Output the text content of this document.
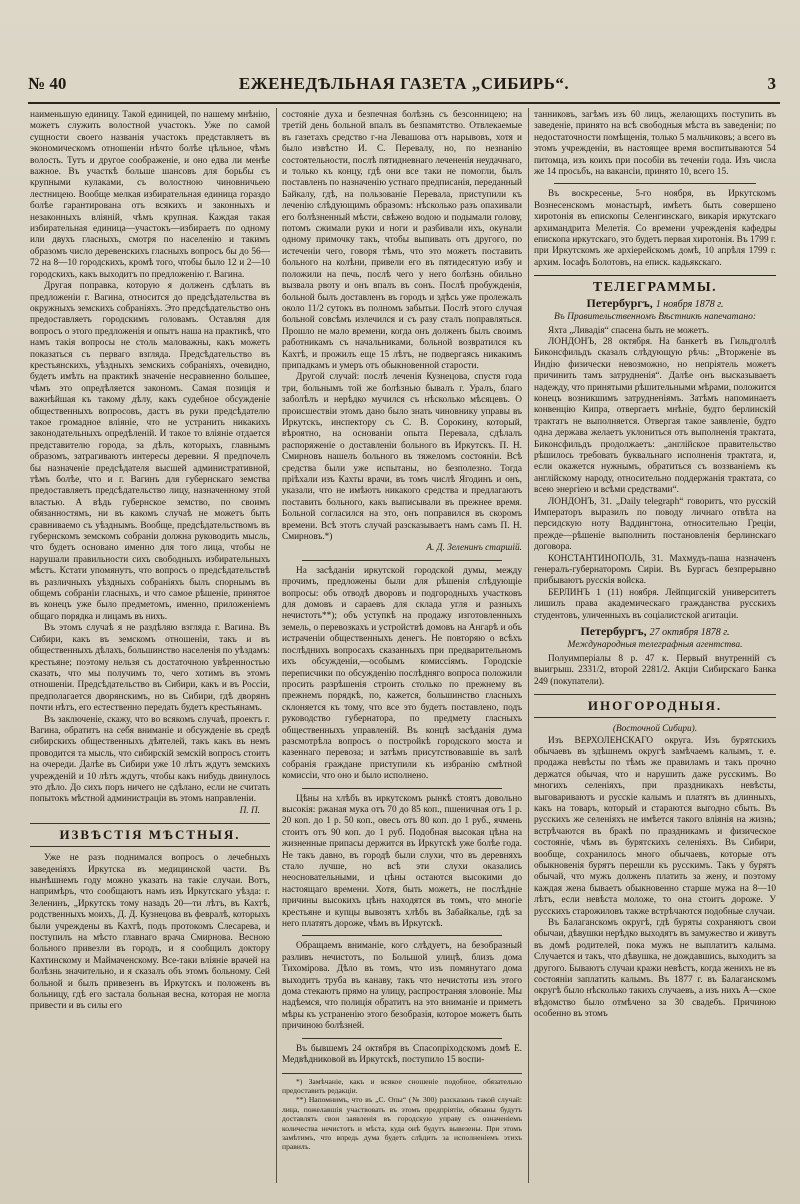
№ 40	ЕЖЕНЕДѢЛЬНАЯ ГАЗЕТА „СИБИРЬ“.	3

наименьшую единицу. Такой единицей, по нашему мнѣнію, можетъ служить волостной участокъ. Уже по самой сущности своего названія участокъ представляетъ въ экономическомъ отношеніи нѣчто болѣе цѣльное, чѣмъ волость. Тутъ и другое соображеніе, и оно едва ли менѣе важное. Въ участкѣ больше шансовъ для борьбы съ крупными кулаками, съ волостною чиновничьею лестницею. Вообще мелкая избирательная единица гораздо болѣе гарантирована отъ всякихъ и законныхъ и незаконныхъ вліяній, чѣмъ крупная. Каждая такая избирательная единица—участокъ—избираетъ по одному или двухъ гласныхъ, смотря по населенію и такимъ образомъ число деревенскихъ гласныхъ вопросъ бы до 56—72 на 8—10 городскихъ, кромѣ того, чтобы было 12 и 2—10 городскихъ, какъ выходитъ по предложенію г. Вагина.

Другая поправка, которую я долженъ сдѣлать въ предложеніи г. Вагина, относится до предсѣдательства въ окружныхъ земскихъ собраніяхъ. Это предсѣдательство онъ предоставляетъ городскимъ головамъ. Оставляя для вопросъ о этого предложенія и опытъ наша на практикѣ, что намъ такія вопросы не столь маловажны, какъ можетъ показаться съ перваго взгляда. Предсѣдательство въ крестьянскихъ, уѣздныхъ земскихъ собраніяхъ, очевидно, будетъ имѣть на практикѣ значеніе несравненно большее, чѣмъ это опредѣляется закономъ. Самая позиція и важнѣйшая къ такому дѣлу, какъ судебное обсужденіе общественныхъ вопросовъ, дастъ въ руки предсѣдателю такое громадное вліяніе, что не устранить никакихъ законодательныхъ опредѣленій. И такое то вліяніе отдается представителю города, за дѣлъ, которыхъ, главнымъ образомъ, затрагиваютъ интересы деревни. Я предпочелъ бы назначеніе предсѣдателя высшей административной, тѣмъ болѣе, что и г. Вагинъ для губернскаго земства предоставляетъ предсѣдательство лицу, назначенному этой властью. А вѣдь губернское земство, по своимъ обязанностямъ, ни въ какомъ случаѣ не можетъ быть сравниваемо съ уѣзднымъ. Вообще, предсѣдательствомъ въ губернскомъ земскомъ собраніи должна руководить мысль, что будетъ основано именно для того лица, чтобы не нарушали правильности сихъ свободныхъ избирательныхъ мѣстъ. Кстати упомянутъ, что вопросъ о предсѣдательствѣ въ различныхъ уѣздныхъ собраніяхъ былъ спорнымъ въ общемъ собраніи гласныхъ, и что самое рѣшеніе, принятое въ конецъ уже было предметомъ, именно, приложеніемъ общаго порядка и лицамъ въ нихъ.

Въ этомъ случаѣ я не раздѣляю взгляда г. Вагина. Въ Сибири, какъ въ земскомъ отношеніи, такъ и въ общественныхъ дѣлахъ, большинство населенія по уѣздамъ: крестьяне; поэтому нельзя съ достаточною увѣренностью сказать, что мы получимъ то, чего хотимъ въ этомъ отношеніи. Предсѣдательство въ Сибири, какъ и въ Россіи, предполагается дворянскимъ, но въ Сибири, гдѣ дворянъ почти нѣтъ, его естественно передать будетъ крестьянамъ.

Въ заключеніе, скажу, что во всякомъ случаѣ, проектъ г. Вагина, обратитъ на себя вниманіе и обсужденіе въ средѣ сибирскихъ общественныхъ дѣятелей, такъ какъ въ немъ проводится та мысль, что сибирскій земскій вопросъ стоитъ на очереди. Далѣе въ Сибири уже 10 лѣтъ ждутъ земскихъ учрежденій и 10 лѣтъ ждутъ, чтобы какъ нибудь двинулось это дѣло. До сихъ поръ ничего не сдѣлано, если не считать попытокъ мѣстной администраціи въ этомъ направленіи.

П. П.
ИЗВѢСТІЯ МѢСТНЫЯ.

Уже не разъ поднимался вопросъ о лечебныхъ заведеніяхъ Иркутска въ медицинской части. Въ нынѣшнемъ году можно указать на такіе случаи. Вотъ, напримѣръ, что сообщаютъ намъ изъ Иркутскаго уѣзда: г. Зеленинъ, „Иркутскъ тому назадъ 20—ти лѣтъ, въ Кахтѣ, родственныхъ моихъ, Д. Д. Кузнецова въ февралѣ, которыхъ были учреждены въ Кахтѣ, подъ протокомъ Слесарева, и поступилъ на мѣсто главнаго врача Смирнова. Весною больного привезли въ городъ, и я сообщилъ доктору Кахтинскому и Маймаченскому. Все-таки вліяніе врачей на болѣзнь значительно, и я сказалъ объ этомъ больному. Сей больной и былъ привезенъ въ Иркутскъ и положенъ въ больницу, гдѣ его застала больная весна, которая не могла привести и въ силы его

состояніе духа и безпечная болѣзнь съ безсонницею; на третій день больной впалъ въ безпамятство. Отвлекаемые въ газетахъ средство г-на Левашова отъ нарывовъ, хотя и было извѣстно И. С. Перевалу, но, по незнанію состоятельности, послѣ пятидневнаго лечененія неудачнаго, и только къ концу, гдѣ они все таки не помогли, былъ поставленъ по назначенію устнаго предписанія, переданный Байкалу, гдѣ, на пользованіе Перевала, приступили къ леченію слѣдующимъ образомъ: нѣсколько разъ опахивали его болѣзненный мѣсти, свѣжею водою и подымали голову, потомъ сжимали руки и ноги и разбивали ихъ, окунали одному примочку такъ, чтобы выпивать отъ другого, по истеченіи чего, говоря тѣмъ, что это можетъ поставить больного на колѣни, привели его въ пятидесятую избу и положили на печь, послѣ чего у него болѣзнь обильно вызвала рвоту и онъ впалъ въ сонъ. Послѣ пробужденія, больной былъ доставленъ въ городъ и здѣсь уже пролежалъ около 11/2 сутокъ въ полномъ забытьи. Послѣ этого случая больной совсѣмъ излечился и съ разу сталъ поправляться. Прошло не мало времени, когда онъ долженъ былъ своимъ работникамъ съ начальниками, больной возвратился къ Кахтѣ, и прожилъ еще 15 лѣтъ, не подвергаясь никакимъ припадкамъ и умеръ отъ обыкновенной старости.

Другой случай: послѣ леченія Кузнецова, спустя года три, больнымъ той же болѣзнью бывалъ г. Уралъ, благо заболѣлъ и нерѣдко мучился съ нѣсколько мѣсяцевъ. О происшествіи этомъ дано было знать чиновнику управы въ Иркутскъ, инспектору съ С. В. Сорокину, который, вѣроятно, на основаніи опыта Перевала, сдѣлалъ распоряженіе о доставленіи больного въ Иркутскъ. П. Н. Смирновъ нашелъ больного въ тяжеломъ состояніи. Всѣ средства были уже испытаны, но безполезно. Тогда пріѣхали изъ Кахты врачи, въ томъ числѣ Ягодинъ и онъ, указали, что не имѣютъ никакого средства и предлагаютъ поставить больного, какъ выписывали въ прежнее время. Больной согласился на это, онъ поправился въ скоромъ времени. Всѣ этотъ случай разсказываетъ намъ самъ П. Н. Смирновъ.*)

А. Д. Зеленинъ старшій.

На засѣданіи иркутской городской думы, между прочимъ, предложены были для рѣшенія слѣдующіе вопросы: объ отводѣ дворовъ и подгородныхъ участковъ для домовъ и сараевъ для склада угля и разныхъ нечистотъ**); объ уступкѣ на продажу изготовленныхъ земель, о перевозкахъ и устройствѣ домовъ на Ангарѣ и объ истраченіи общественныхъ денегъ. Не повторяю о всѣхъ послѣднихъ вопросахъ сказанныхъ при предварительномъ ихъ обсужденіи,—особымъ комиссіямъ. Городскіе переписчики по обсужденію послѣдняго вопроса положили просить разрѣшенія строить столько по прежнему въ прежнемъ порядкѣ, по, кажется, большинство гласныхъ склоняется къ тому, что все это будетъ поставлено, подъ руководство губернатора, по предмету гласныхъ общественныхъ управленій. Въ концѣ засѣданія дума разсмотрѣла вопросъ о постройкѣ городского моста и казеннаго перевоза; и затѣмъ присутствовавшіе въ залѣ собранія граждане приступили къ избранію смѣтной комиссіи, что оно и было исполнено.

Цѣны на хлѣбъ въ иркутскомъ рынкѣ стоятъ довольно высокія: ржаная мука отъ 70 до 85 коп., пшеничная отъ 1 р. 20 коп. до 1 р. 50 коп., овесъ отъ 80 коп. до 1 руб., ячмень стоитъ отъ 90 коп. до 1 руб. Подобная высокая цѣна на жизненные припасы держится въ Иркутскѣ уже болѣе года. Не такъ давно, въ городѣ были слухи, что въ деревняхъ стало лучше, но всѣ эти слухи оказались неосновательными, и цѣны остаются высокими до настоящаго времени. Хотя, быть можетъ, не послѣдніе причины высокихъ цѣнъ находятся въ томъ, что многіе крестьяне и купцы вывозятъ хлѣбъ въ Забайкалье, гдѣ за него платятъ дороже, чѣмъ въ Иркутскѣ.

Обращаемъ вниманіе, кого слѣдуетъ, на безобразный разливъ нечистотъ, по Большой улицѣ, близъ дома Тихомірова. Дѣло въ томъ, что изъ помянутаго дома выходитъ труба въ канаву, такъ что нечистоты изъ этого дома стекаютъ прямо на улицу, распространяя зловоніе. Мы надѣемся, что полиція обратитъ на это вниманіе и приметъ мѣры къ устраненію этого безобразія, которое можетъ быть причиною болѣзней.

Въ бывшемъ 24 октября въ Спасопріходскомъ домѣ Е. Медвѣдниковой въ Иркутскѣ, поступило 15 воспи-

*) Замѣчаніе, какъ и всякое сношеніе подобное, обязательно предоставить редакціи.

**) Напомнимъ, что въ „С. Опы“ (№ 300) разсказанъ такой случай: лица, пожелавшія участвовать въ этомъ предпріятіи, обязаны будутъ доставлять свои заявленія въ городскую управу съ означеніемъ количества нечистотъ и мѣста, куда онѣ будутъ вывезены. При этомъ замѣтимъ, что впредь дума будетъ слѣдить за исполненіемъ этихъ правилъ.

танниковъ, загѣмъ изъ 60 лицъ, желающихъ поступить въ заведеніе, принято на всѣ свободныя мѣста въ заведеніи; по недостаточности помѣщенія, только 5 мальчиковъ; а всего въ этомъ учрежденіи, въ настоящее время воспитываются 54 питомца, изъ коихъ при пособіи въ теченіи года. Изъ числа же 14 просьбъ, на вакансіи, принято 10, всего 15.

Въ воскресенье, 5-го ноября, въ Иркутскомъ Вознесенскомъ монастырѣ, имѣетъ быть совершено хиротонія въ епископы Селенгинскаго, викарія иркутскаго архимандрита Мелетія. Со времени учрежденія кафедры епископа иркутскаго, это будетъ первая хиротонія. Въ 1799 г. при Иркутскомъ же архіерейскомъ домѣ, 10 апрѣля 1799 г. архим. Іосафъ Болотовъ, на еписк. кадьякскаго.

ТЕЛЕГРАММЫ.
Петербургъ, 1 ноября 1878 г.
Въ Правительственномъ Вѣстникѣ напечатано:

Яхта „Ливадія“ спасена быть не можетъ.

ЛОНДОНЪ, 28 октября. На банкетѣ въ Гильдголлѣ Биконсфильдъ сказалъ слѣдующую рѣчь: „Вторженіе въ Индію физически невозможно, но непріятель можетъ причинить тамъ затрудненія“. Далѣе онъ высказываетъ надежду, что принятыми рѣшительными мѣрами, положится конецъ возникшимъ затрудненіямъ. Затѣмъ напоминаетъ конвенцію Кипра, отвергаетъ мнѣніе, будто берлинскій трактатъ не выполняется. Отвергая такое заявленіе, будто одна держава желаетъ уклониться отъ выполненія трактата, Биконсфильдъ продолжаетъ: „англійское правительство рѣшилось требовать буквальнаго исполненія трактата, и, если окажется нужнымъ, обратиться съ воззваніемъ къ англійскому народу, относительно поддержанія трактата, со всею энергіею и всѣми средствами“.

ЛОНДОНЪ, 31. „Daily telegraph“ говоритъ, что русскій Императоръ выразилъ по поводу личнаго отвѣта на персидскую ноту Ваддингтона, относительно Греціи, прежде—рѣшеніе выполнить постановленія берлинскаго договора.

КОНСТАНТИНОПОЛЬ, 31. Махмудъ-паша назначенъ генералъ-губернаторомъ Сиріи. Въ Бургасъ безпрерывно прибываютъ русскія войска.

БЕРЛИНЪ 1 (11) ноября. Лейпцигскій университетъ лишилъ права академическаго гражданства русскихъ студентовъ, уличенныхъ въ соціалистской агитаціи.

Петербургъ, 27 октября 1878 г.
Международныя телеграфныя агентства.

Полуимперіалы 8 р. 47 к. Первый внутренній съ выигрыш. 2331/2, второй 2281/2. Акціи Сибирскаго Банка 249 (покупатели).

ИНОГОРОДНЫЯ.
(Восточной Сибири).

Изъ ВЕРХОЛЕНСКАГО округа. Изъ бурятскихъ обычаевъ въ здѣшнемъ округѣ замѣчаемъ калымъ, т. е. продажа невѣсты по тѣмъ же правиламъ и такъ прочно держатся обычая, что и нарушить даже русскимъ. Во многихъ селеніяхъ, при праздникахъ невѣсты, выговариваютъ и русскіе калымъ и платятъ въ длинныхъ, какъ на товаръ, который и стараются выгодно сбыть. Въ русскихъ же селеніяхъ не имѣется такого вліянія на жизнь; встрѣчаются въ бракѣ по праздникамъ и физическое состояніе, чѣмъ въ бурятскихъ селеніяхъ. Въ Сибири, вообще, сохранилось много обычаевъ, которые отъ обыкновенія бурятъ перешли къ русскимъ. Такъ у бурятъ обычай, что мужъ долженъ платить за жену, и поэтому каждая жена бываетъ обыкновенно старше мужа на 8—10 лѣтъ, если невѣста моложе, то она стоитъ дороже. У русскихъ старожиловъ также встрѣчаются подобные случаи.

Въ Балаганскомъ округѣ, гдѣ буряты сохраняютъ свои обычаи, дѣвушки нерѣдко выходятъ въ замужество и живутъ въ домѣ родителей, пока мужъ не выплатитъ калыма. Случается и такъ, что дѣвушка, не дождавшись, выходитъ за другого. Бываютъ случаи кражи невѣстъ, когда женихъ не въ состояніи заплатить калымъ. Въ 1877 г. въ Балаганскомъ округѣ было нѣсколько такихъ случаевъ, а изъ нихъ А—ское вѣдомство было отмѣчено за 30 свадебъ. Причиною особенно въ этомъ
